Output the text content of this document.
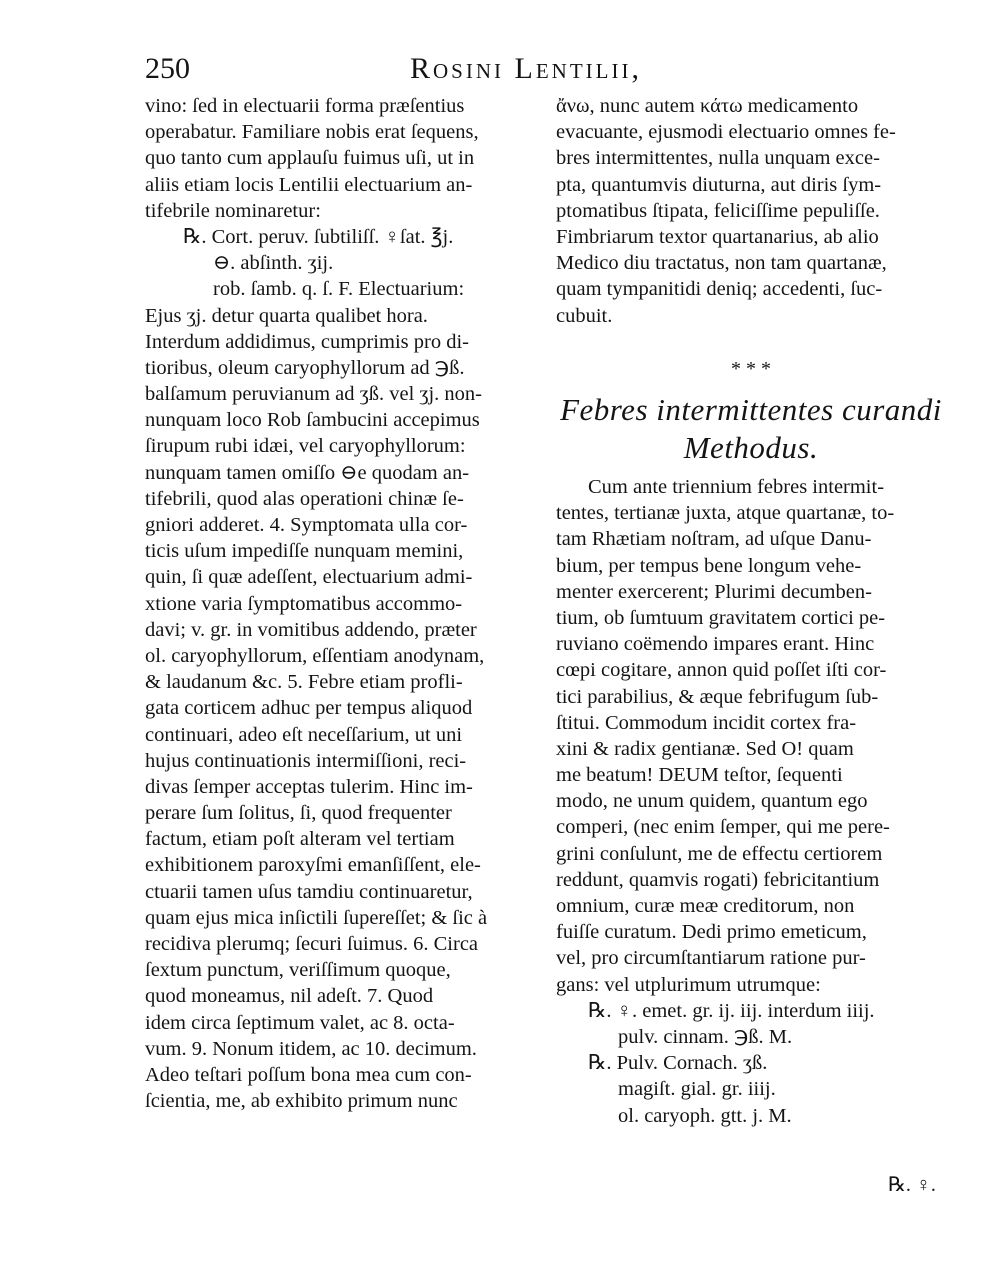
250	Rosini Lentilii,
vino: ſed in electuarii forma præſentius
operabatur. Familiare nobis erat ſequens,
quo tanto cum applauſu fuimus uſi, ut in
aliis etiam locis Lentilii electuarium an-
tifebrile nominaretur:
℞. Cort. peruv. ſubtiliſſ. ♀ſat. ℥j.
⊖. abſinth. ʒij.
rob. ſamb. q. ſ. F. Electuarium:
Ejus ʒj. detur quarta qualibet hora.
Interdum addidimus, cumprimis pro di-
tioribus, oleum caryophyllorum ad ℈ß.
balſamum peruvianum ad ʒß. vel ʒj. non-
nunquam loco Rob ſambucini accepimus
ſirupum rubi idæi, vel caryophyllorum:
nunquam tamen omiſſo ⊖e quodam an-
tifebrili, quod alas operationi chinæ ſe-
gniori adderet. 4. Symptomata ulla cor-
ticis uſum impediſſe nunquam memini,
quin, ſi quæ adeſſent, electuarium admi-
xtione varia ſymptomatibus accommo-
davi; v. gr. in vomitibus addendo, præter
ol. caryophyllorum, eſſentiam anodynam,
& laudanum &c. 5. Febre etiam profli-
gata corticem adhuc per tempus aliquod
continuari, adeo eſt neceſſarium, ut uni
hujus continuationis intermiſſioni, reci-
divas ſemper acceptas tulerim. Hinc im-
perare ſum ſolitus, ſi, quod frequenter
factum, etiam poſt alteram vel tertiam
exhibitionem paroxyſmi emanſiſſent, ele-
ctuarii tamen uſus tamdiu continuaretur,
quam ejus mica inſictili ſupereſſet; & ſic à
recidiva plerumq; ſecuri ſuimus. 6. Circa
ſextum punctum, veriſſimum quoque,
quod moneamus, nil adeſt. 7. Quod
idem circa ſeptimum valet, ac 8. octa-
vum. 9. Nonum itidem, ac 10. decimum.
Adeo teſtari poſſum bona mea cum con-
ſcientia, me, ab exhibito primum nunc
ἄνω, nunc autem κάτω medicamento
evacuante, ejusmodi electuario omnes fe-
bres intermittentes, nulla unquam exce-
pta, quantumvis diuturna, aut diris ſym-
ptomatibus ſtipata, feliciſſime pepuliſſe.
Fimbriarum textor quartanarius, ab alio
Medico diu tractatus, non tam quartanæ,
quam tympanitidi deniq; accedenti, ſuc-
cubuit.
* * *
Febres intermittentes curandi
Methodus.
Cum ante triennium febres intermit-
tentes, tertianæ juxta, atque quartanæ, to-
tam Rhætiam noſtram, ad uſque Danu-
bium, per tempus bene longum vehe-
menter exercerent; Plurimi decumben-
tium, ob ſumtuum gravitatem cortici pe-
ruviano coëmendo impares erant. Hinc
cœpi cogitare, annon quid poſſet iſti cor-
tici parabilius, & æque febrifugum ſub-
ſtitui. Commodum incidit cortex fra-
xini & radix gentianæ. Sed O! quam
me beatum! DEUM teſtor, ſequenti
modo, ne unum quidem, quantum ego
comperi, (nec enim ſemper, qui me pere-
grini conſulunt, me de effectu certiorem
reddunt, quamvis rogati) febricitantium
omnium, curæ meæ creditorum, non
fuiſſe curatum. Dedi primo emeticum,
vel, pro circumſtantiarum ratione pur-
gans: vel utplurimum utrumque:
℞. ♀. emet. gr. ij. iij. interdum iiij.
pulv. cinnam. ℈ß. M.
℞. Pulv. Cornach. ʒß.
magiſt. gial. gr. iiij.
ol. caryoph. gtt. j. M.
℞. ♀.
